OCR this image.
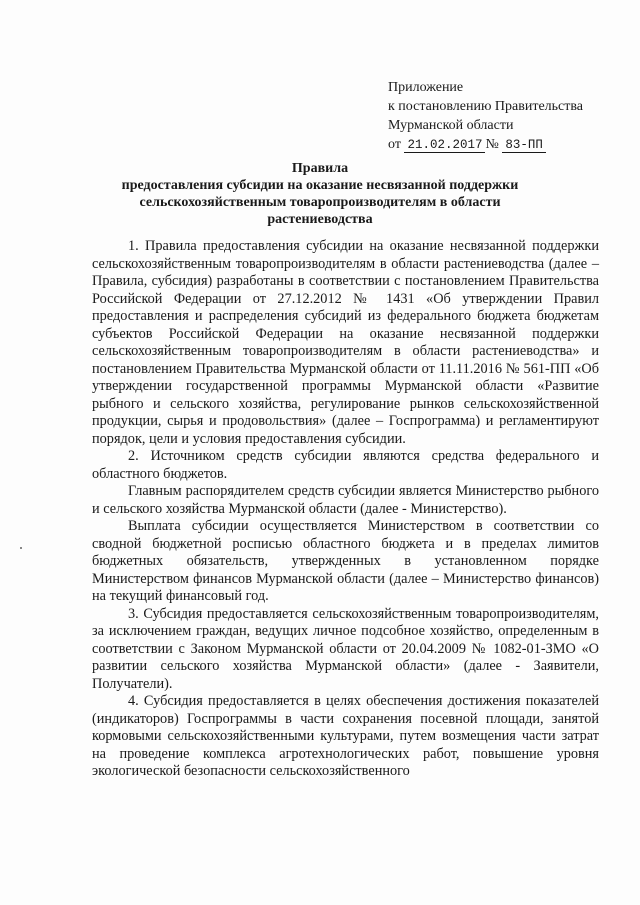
Приложение
к постановлению Правительства
Мурманской области
от 21.02.2017 № 83-ПП
Правила
предоставления субсидии на оказание несвязанной поддержки
сельскохозяйственным товаропроизводителям в области
растениеводства

1. Правила предоставления субсидии на оказание несвязанной поддержки сельскохозяйственным товаропроизводителям в области растениеводства (далее – Правила, субсидия) разработаны в соответствии с постановлением Правительства Российской Федерации от 27.12.2012 № 1431 «Об утверждении Правил предоставления и распределения субсидий из федерального бюджета бюджетам субъектов Российской Федерации на оказание несвязанной поддержки сельскохозяйственным товаропроизводителям в области растениеводства» и постановлением Правительства Мурманской области от 11.11.2016 № 561-ПП «Об утверждении государственной программы Мурманской области «Развитие рыбного и сельского хозяйства, регулирование рынков сельскохозяйственной продукции, сырья и продовольствия» (далее – Госпрограмма) и регламентируют порядок, цели и условия предоставления субсидии.

2. Источником средств субсидии являются средства федерального и областного бюджетов.

Главным распорядителем средств субсидии является Министерство рыбного и сельского хозяйства Мурманской области (далее - Министерство).

Выплата субсидии осуществляется Министерством в соответствии со сводной бюджетной росписью областного бюджета и в пределах лимитов бюджетных обязательств, утвержденных в установленном порядке Министерством финансов Мурманской области (далее – Министерство финансов) на текущий финансовый год.

3. Субсидия предоставляется сельскохозяйственным товаропроизводителям, за исключением граждан, ведущих личное подсобное хозяйство, определенным в соответствии с Законом Мурманской области от 20.04.2009 № 1082-01-ЗМО «О развитии сельского хозяйства Мурманской области» (далее - Заявители, Получатели).

4. Субсидия предоставляется в целях обеспечения достижения показателей (индикаторов) Госпрограммы в части сохранения посевной площади, занятой кормовыми сельскохозяйственными культурами, путем возмещения части затрат на проведение комплекса агротехнологических работ, повышение уровня экологической безопасности сельскохозяйственного
